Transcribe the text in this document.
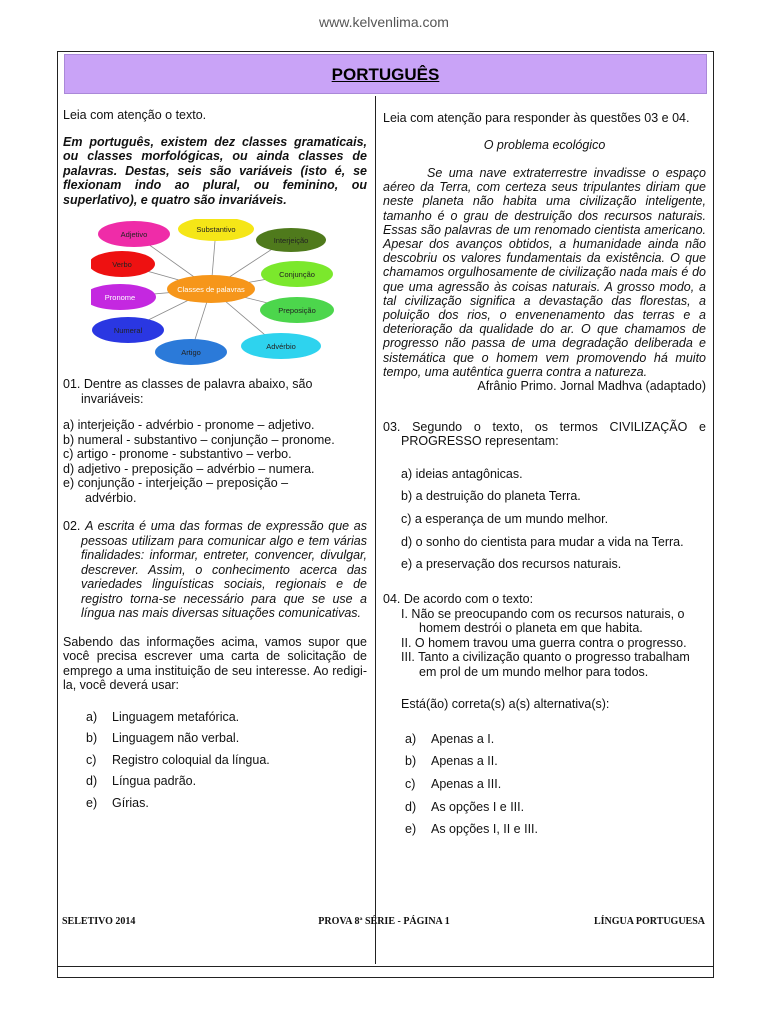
www.kelvenlima.com
PORTUGUÊS
SELETIVO 2014	PROVA 8ª SÉRIE - PÁGINA 1	LÍNGUA PORTUGUESA

Leia com atenção o texto.

Em português, existem dez classes gramaticais, ou classes morfológicas, ou ainda classes de palavras. Destas, seis são variáveis (isto é, se flexionam indo ao plural, ou feminino, ou superlativo), e quatro são invariáveis.

Substantivo
Interjeição
Adjetivo
Verbo
Conjunção
Pronome
Preposição
Numeral
Advérbio
Artigo
Classes de palavras

01. Dentre as classes de palavra abaixo, são

invariáveis:

a) interjeição - advérbio - pronome – adjetivo.
b) numeral - substantivo – conjunção – pronome.
c) artigo - pronome - substantivo – verbo.
d) adjetivo - preposição – advérbio – numera.
e) conjunção - interjeição – preposição –
advérbio.

02. A escrita é uma das formas de expressão que as pessoas utilizam para comunicar algo e tem várias finalidades: informar, entreter, convencer, divulgar, descrever. Assim, o conhecimento acerca das variedades linguísticas sociais, regionais e de registro torna-se necessário para que se use a língua nas mais diversas situações comunicativas.

Sabendo das informações acima, vamos supor que você precisa escrever uma carta de solicitação de emprego a uma instituição de seu interesse. Ao redigi-la, você deverá usar:

a)	Linguagem metafórica.
b)	Linguagem não verbal.
c)	Registro coloquial da língua.
d)	Língua padrão.
e)	Gírias.

Leia com atenção para responder às questões 03 e 04.

O problema ecológico

Se uma nave extraterrestre invadisse o espaço aéreo da Terra, com certeza seus tripulantes diriam que neste planeta não habita uma civilização inteligente, tamanho é o grau de destruição dos recursos naturais. Essas são palavras de um renomado cientista americano. Apesar dos avanços obtidos, a humanidade ainda não descobriu os valores fundamentais da existência. O que chamamos orgulhosamente de civilização nada mais é do que uma agressão às coisas naturais. A grosso modo, a tal civilização significa a devastação das florestas, a poluição dos rios, o envenenamento das terras e a deterioração da qualidade do ar. O que chamamos de progresso não passa de uma degradação deliberada e sistemática que o homem vem promovendo há muito tempo, uma autêntica guerra contra a natureza.

Afrânio Primo. Jornal Madhva (adaptado)

03. Segundo o texto, os termos CIVILIZAÇÃO e PROGRESSO representam:

a) ideias antagônicas.
b) a destruição do planeta Terra.
c) a esperança de um mundo melhor.
d) o sonho do cientista para mudar a vida na Terra.
e) a preservação dos recursos naturais.

04. De acordo com o texto:

I. Não se preocupando com os recursos naturais, o homem destrói o planeta em que habita.

II. O homem travou uma guerra contra o progresso.

III. Tanto a civilização quanto o progresso trabalham em prol de um mundo melhor para todos.

Está(ão) correta(s) a(s) alternativa(s):

a)	Apenas a I.
b)	Apenas a II.
c)	Apenas a III.
d)	As opções I e III.
e)	As opções I, II e III.
